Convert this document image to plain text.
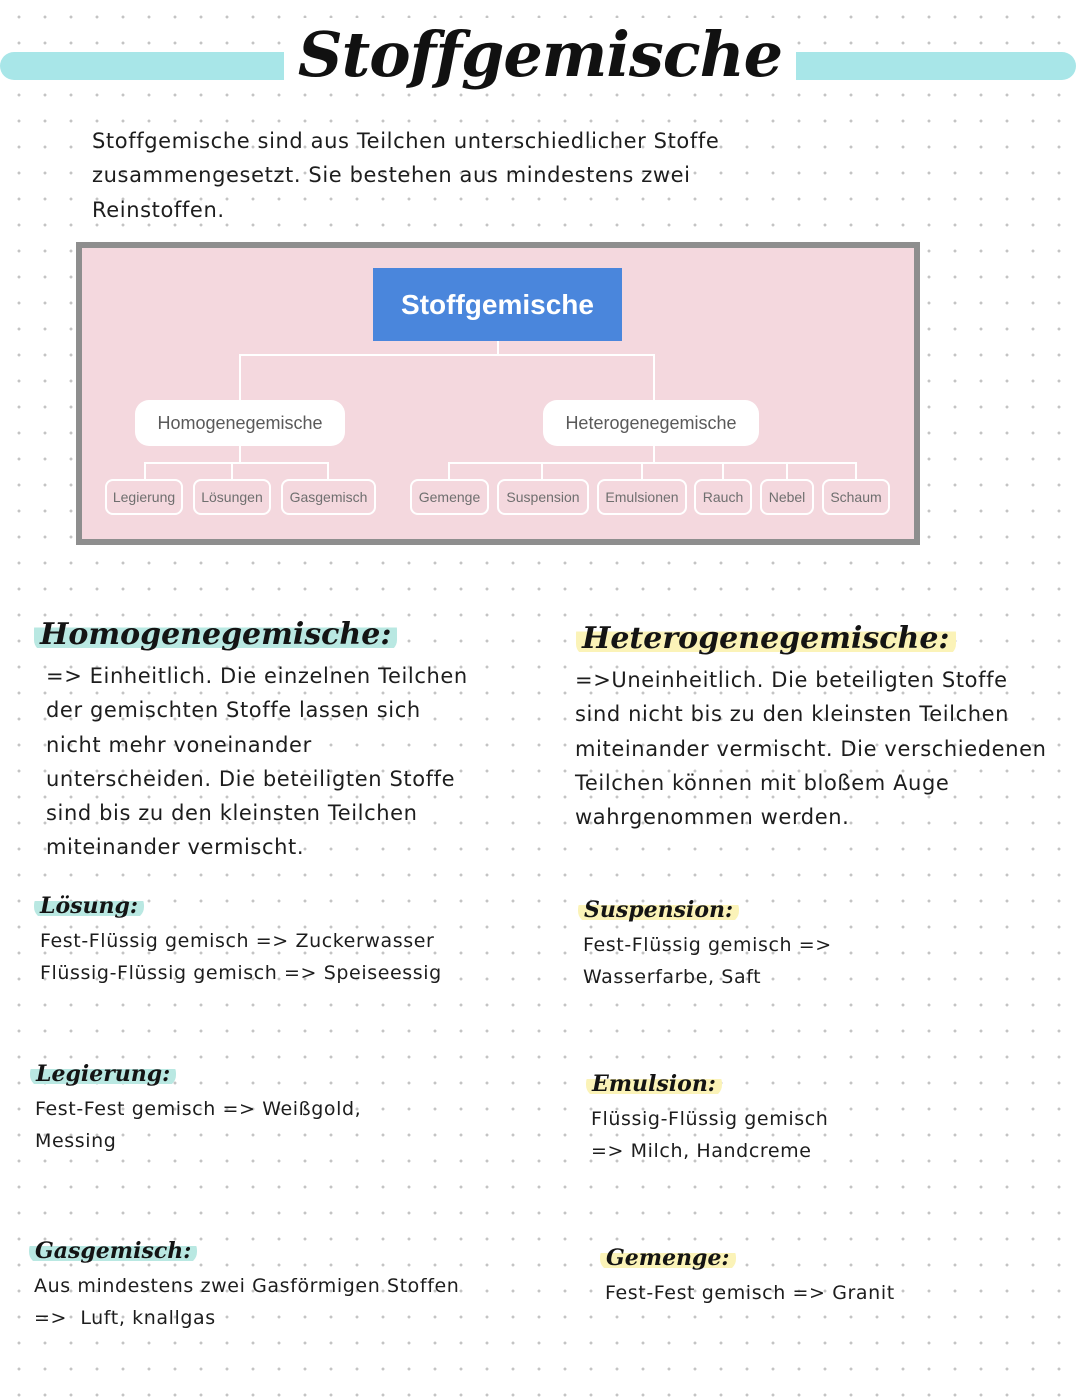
Stoffgemische
Stoffgemische sind aus Teilchen unterschiedlicher Stoffe
zusammengesetzt. Sie bestehen aus mindestens zwei
Reinstoffen.
Stoffgemische
Homogenegemische	Heterogenegemische
Legierung	Lösungen	Gasgemisch	Gemenge	Suspension	Emulsionen	Rauch	Nebel	Schaum
Homogenegemische:
=> Einheitlich. Die einzelnen Teilchen
der gemischten Stoffe lassen sich
nicht mehr voneinander
unterscheiden. Die beteiligten Stoffe
sind bis zu den kleinsten Teilchen
miteinander vermischt.
Heterogenegemische:
=>Uneinheitlich. Die beteiligten Stoffe
sind nicht bis zu den kleinsten Teilchen
miteinander vermischt. Die verschiedenen
Teilchen können mit bloßem Auge
wahrgenommen werden.
Lösung:
Fest-Flüssig gemisch => Zuckerwasser
Flüssig-Flüssig gemisch => Speiseessig
Suspension:
Fest-Flüssig gemisch =>
Wasserfarbe, Saft
Legierung:
Fest-Fest gemisch => Weißgold,
Messing
Emulsion:
Flüssig-Flüssig gemisch
=> Milch, Handcreme
Gasgemisch:
Aus mindestens zwei Gasförmigen Stoffen
=>  Luft, knallgas
Gemenge:
Fest-Fest gemisch => Granit
